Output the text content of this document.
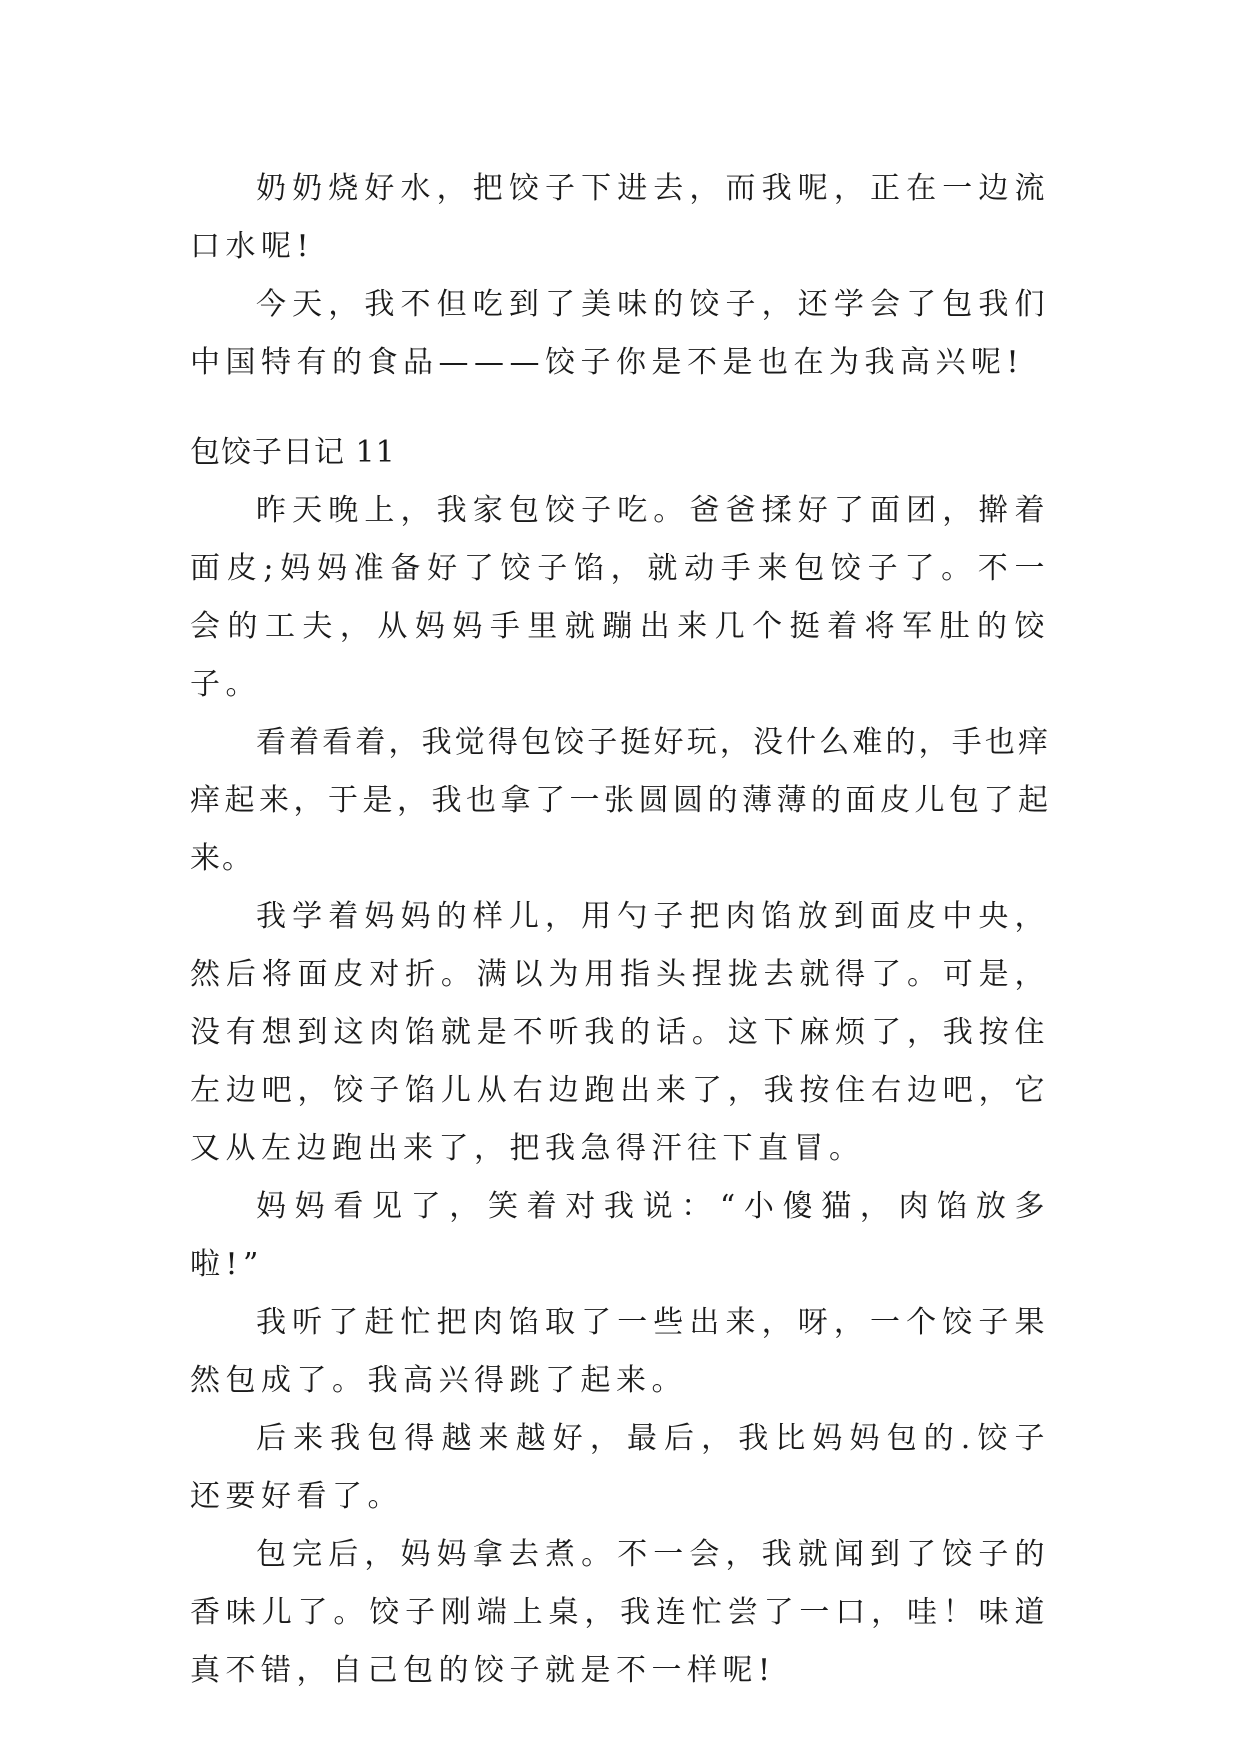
奶奶烧好水，把饺子下进去，而我呢，正在一边流口水呢!

今天，我不但吃到了美味的饺子，还学会了包我们中国特有的食品———饺子你是不是也在为我高兴呢!

包饺子日记 11

昨天晚上，我家包饺子吃。爸爸揉好了面团，擀着面皮;妈妈准备好了饺子馅，就动手来包饺子了。不一会的工夫，从妈妈手里就蹦出来几个挺着将军肚的饺子。

看着看着，我觉得包饺子挺好玩，没什么难的，手也痒痒起来，于是，我也拿了一张圆圆的薄薄的面皮儿包了起来。

我学着妈妈的样儿，用勺子把肉馅放到面皮中央，然后将面皮对折。满以为用指头捏拢去就得了。可是，没有想到这肉馅就是不听我的话。这下麻烦了，我按住左边吧，饺子馅儿从右边跑出来了，我按住右边吧，它又从左边跑出来了，把我急得汗往下直冒。

妈妈看见了，笑着对我说：“小傻猫，肉馅放多啦!”

我听了赶忙把肉馅取了一些出来，呀，一个饺子果然包成了。我高兴得跳了起来。

后来我包得越来越好，最后，我比妈妈包的.饺子还要好看了。

包完后，妈妈拿去煮。不一会，我就闻到了饺子的香味儿了。饺子刚端上桌，我连忙尝了一口，哇！味道真不错，自己包的饺子就是不一样呢!
